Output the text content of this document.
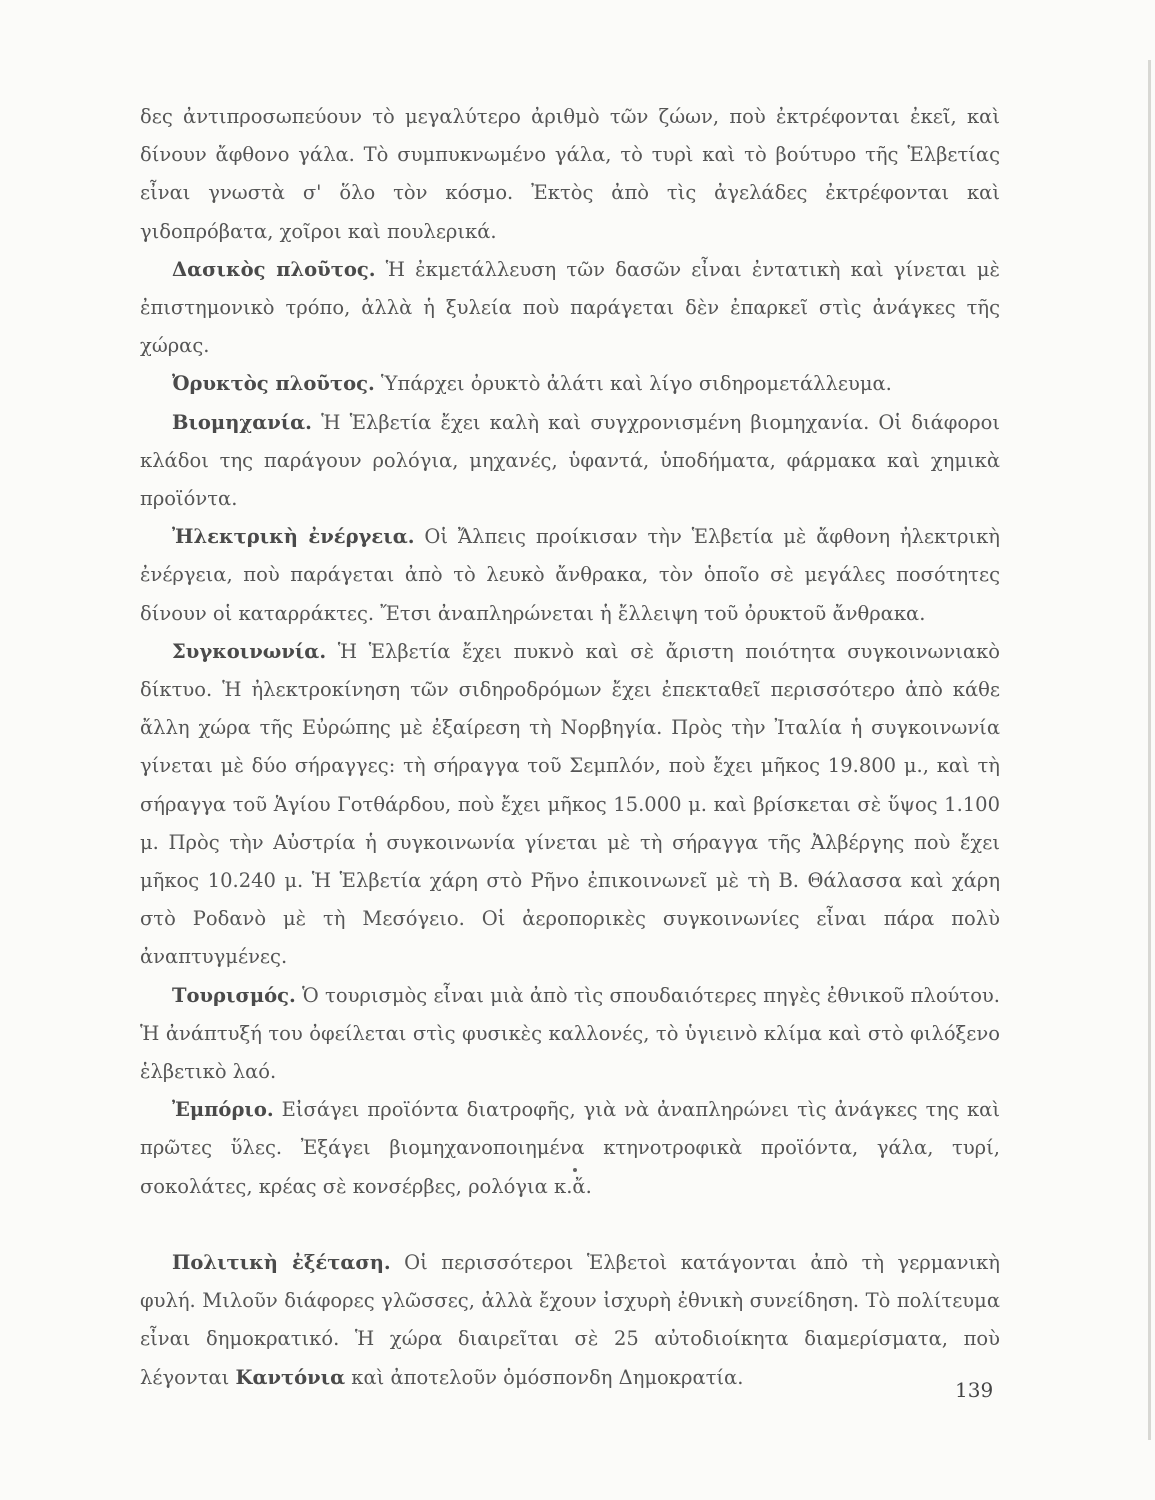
δες ἀντιπροσωπεύουν τὸ μεγαλύτερο ἀριθμὸ τῶν ζώων, ποὺ ἐκτρέφονται ἐκεῖ, καὶ δίνουν ἄφθονο γάλα. Τὸ συμπυκνωμένο γάλα, τὸ τυρὶ καὶ τὸ βούτυρο τῆς Ἑλβετίας εἶναι γνωστὰ σ' ὅλο τὸν κόσμο. Ἐκτὸς ἀπὸ τὶς ἀγελάδες ἐκτρέφονται καὶ γιδοπρόβατα, χοῖροι καὶ πουλερικά.

Δασικὸς πλοῦτος. Ἡ ἐκμετάλλευση τῶν δασῶν εἶναι ἐντατικὴ καὶ γίνεται μὲ ἐπιστημονικὸ τρόπο, ἀλλὰ ἡ ξυλεία ποὺ παράγεται δὲν ἐπαρκεῖ στὶς ἀνάγκες τῆς χώρας.

Ὀρυκτὸς πλοῦτος. Ὑπάρχει ὀρυκτὸ ἀλάτι καὶ λίγο σιδηρομετάλλευμα.

Βιομηχανία. Ἡ Ἑλβετία ἔχει καλὴ καὶ συγχρονισμένη βιομηχανία. Οἱ διάφοροι κλάδοι της παράγουν ρολόγια, μηχανές, ὑφαντά, ὑποδήματα, φάρμακα καὶ χημικὰ προϊόντα.

Ἠλεκτρικὴ ἐνέργεια. Οἱ Ἄλπεις προίκισαν τὴν Ἑλβετία μὲ ἄφθονη ἠλεκτρικὴ ἐνέργεια, ποὺ παράγεται ἀπὸ τὸ λευκὸ ἄνθρακα, τὸν ὁποῖο σὲ μεγάλες ποσότητες δίνουν οἱ καταρράκτες. Ἔτσι ἀναπληρώνεται ἡ ἔλλειψη τοῦ ὀρυκτοῦ ἄνθρακα.

Συγκοινωνία. Ἡ Ἑλβετία ἔχει πυκνὸ καὶ σὲ ἄριστη ποιότητα συγκοινωνιακὸ δίκτυο. Ἡ ἠλεκτροκίνηση τῶν σιδηροδρόμων ἔχει ἐπεκταθεῖ περισσότερο ἀπὸ κάθε ἄλλη χώρα τῆς Εὐρώπης μὲ ἐξαίρεση τὴ Νορβηγία. Πρὸς τὴν Ἰταλία ἡ συγκοινωνία γίνεται μὲ δύο σήραγγες: τὴ σήραγγα τοῦ Σεμπλόν, ποὺ ἔχει μῆκος 19.800 μ., καὶ τὴ σήραγγα τοῦ Ἁγίου Γοτθάρδου, ποὺ ἔχει μῆκος 15.000 μ. καὶ βρίσκεται σὲ ὕψος 1.100 μ. Πρὸς τὴν Αὐστρία ἡ συγκοινωνία γίνεται μὲ τὴ σήραγγα τῆς Ἀλβέργης ποὺ ἔχει μῆκος 10.240 μ. Ἡ Ἑλβετία χάρη στὸ Ρῆνο ἐπικοινωνεῖ μὲ τὴ Β. Θάλασσα καὶ χάρη στὸ Ροδανὸ μὲ τὴ Μεσόγειο. Οἱ ἀεροπορικὲς συγκοινωνίες εἶναι πάρα πολὺ ἀναπτυγμένες.

Τουρισμός. Ὁ τουρισμὸς εἶναι μιὰ ἀπὸ τὶς σπουδαιότερες πηγὲς ἐθνικοῦ πλούτου. Ἡ ἀνάπτυξή του ὀφείλεται στὶς φυσικὲς καλλονές, τὸ ὑγιεινὸ κλίμα καὶ στὸ φιλόξενο ἑλβετικὸ λαό.

Ἐμπόριο. Εἰσάγει προϊόντα διατροφῆς, γιὰ νὰ ἀναπληρώνει τὶς ἀνάγκες της καὶ πρῶτες ὕλες. Ἐξάγει βιομηχανοποιημένα κτηνοτροφικὰ προϊόντα, γάλα, τυρί, σοκολάτες, κρέας σὲ κονσέρβες, ρολόγια κ.ἄ.

Πολιτικὴ ἐξέταση. Οἱ περισσότεροι Ἑλβετοὶ κατάγονται ἀπὸ τὴ γερμανικὴ φυλή. Μιλοῦν διάφορες γλῶσσες, ἀλλὰ ἔχουν ἰσχυρὴ ἐθνικὴ συνείδηση. Τὸ πολίτευμα εἶναι δημοκρατικό. Ἡ χώρα διαιρεῖται σὲ 25 αὐτοδιοίκητα διαμερίσματα, ποὺ λέγονται Καντόνια καὶ ἀποτελοῦν ὁμόσπονδη Δημοκρατία.

139
